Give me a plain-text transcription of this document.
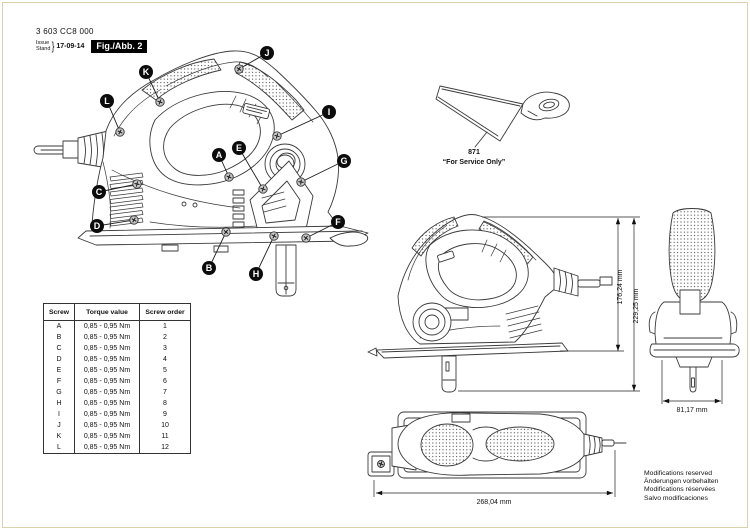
3 603 CC8 000
Issue
Stand } 17-09-14	Fig./Abb. 2
A
B
C
D
E
F
G
H
I
J
K
L
871
“For Service Only”
176,24 mm
229,25 mm
81,17 mm
268,04 mm
Screw	Torque value	Screw order
A	0,85 - 0,95 Nm	1
B	0,85 - 0,95 Nm	2
C	0,85 - 0,95 Nm	3
D	0,85 - 0,95 Nm	4
E	0,85 - 0,95 Nm	5
F	0,85 - 0,95 Nm	6
G	0,85 - 0,95 Nm	7
H	0,85 - 0,95 Nm	8
I	0,85 - 0,95 Nm	9
J	0,85 - 0,95 Nm	10
K	0,85 - 0,95 Nm	11
L	0,85 - 0,95 Nm	12
Modifications reserved
Änderungen vorbehalten
Modifications réservées
Salvo modificaciones
